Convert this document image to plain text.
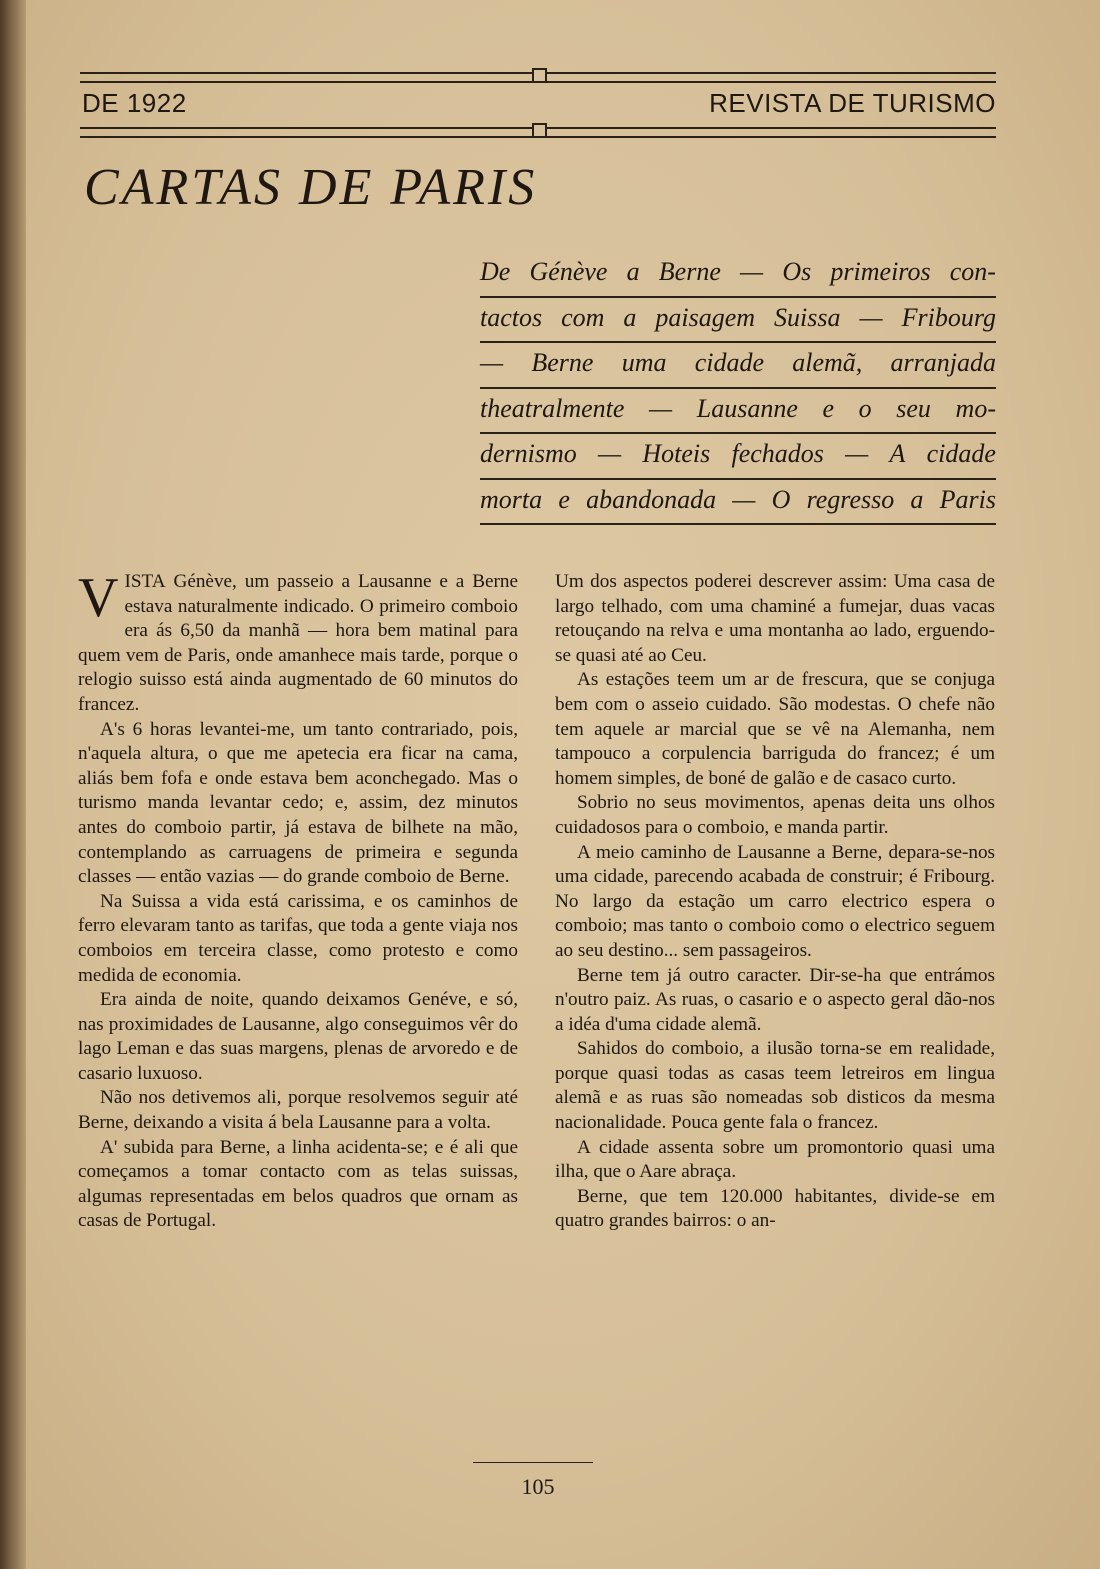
DE 1922	REVISTA DE TURISMO
CARTAS DE PARIS
De Génève a Berne — Os primeiros con-
tactos com a paisagem Suissa — Fribourg
— Berne uma cidade alemã, arranjada
theatralmente — Lausanne e o seu mo-
dernismo — Hoteis fechados — A cidade
morta e abandonada — O regresso a Paris

VISTA Génève, um passeio a Lausanne e a Berne estava naturalmente indicado. O primeiro comboio era ás 6,50 da manhã — hora bem matinal para quem vem de Paris, onde amanhece mais tarde, porque o relogio suisso está ainda augmentado de 60 minutos do francez.

A's 6 horas levantei-me, um tanto contrariado, pois, n'aquela altura, o que me apetecia era ficar na cama, aliás bem fofa e onde estava bem aconchegado. Mas o turismo manda levantar cedo; e, assim, dez minutos antes do comboio partir, já estava de bilhete na mão, contemplando as carruagens de primeira e segunda classes — então vazias — do grande comboio de Berne.

Na Suissa a vida está carissima, e os caminhos de ferro elevaram tanto as tarifas, que toda a gente viaja nos comboios em terceira classe, como protesto e como medida de economia.

Era ainda de noite, quando deixamos Genéve, e só, nas proximidades de Lausanne, algo conseguimos vêr do lago Leman e das suas margens, plenas de arvoredo e de casario luxuoso.

Não nos detivemos ali, porque resolvemos seguir até Berne, deixando a visita á bela Lausanne para a volta.

A' subida para Berne, a linha acidenta-se; e é ali que começamos a tomar contacto com as telas suissas, algumas representadas em belos quadros que ornam as casas de Portugal.

Um dos aspectos poderei descrever assim: Uma casa de largo telhado, com uma chaminé a fumejar, duas vacas retouçando na relva e uma montanha ao lado, erguendo-se quasi até ao Ceu.

As estações teem um ar de frescura, que se conjuga bem com o asseio cuidado. São modestas. O chefe não tem aquele ar marcial que se vê na Alemanha, nem tampouco a corpulencia barriguda do francez; é um homem simples, de boné de galão e de casaco curto.

Sobrio no seus movimentos, apenas deita uns olhos cuidadosos para o comboio, e manda partir.

A meio caminho de Lausanne a Berne, depara-se-nos uma cidade, parecendo acabada de construir; é Fribourg. No largo da estação um carro electrico espera o comboio; mas tanto o comboio como o electrico seguem ao seu destino... sem passageiros.

Berne tem já outro caracter. Dir-se-ha que entrámos n'outro paiz. As ruas, o casario e o aspecto geral dão-nos a idéa d'uma cidade alemã.

Sahidos do comboio, a ilusão torna-se em realidade, porque quasi todas as casas teem letreiros em lingua alemã e as ruas são nomeadas sob disticos da mesma nacionalidade. Pouca gente fala o francez.

A cidade assenta sobre um promontorio quasi uma ilha, que o Aare abraça.

Berne, que tem 120.000 habitantes, divide-se em quatro grandes bairros: o an-

105
